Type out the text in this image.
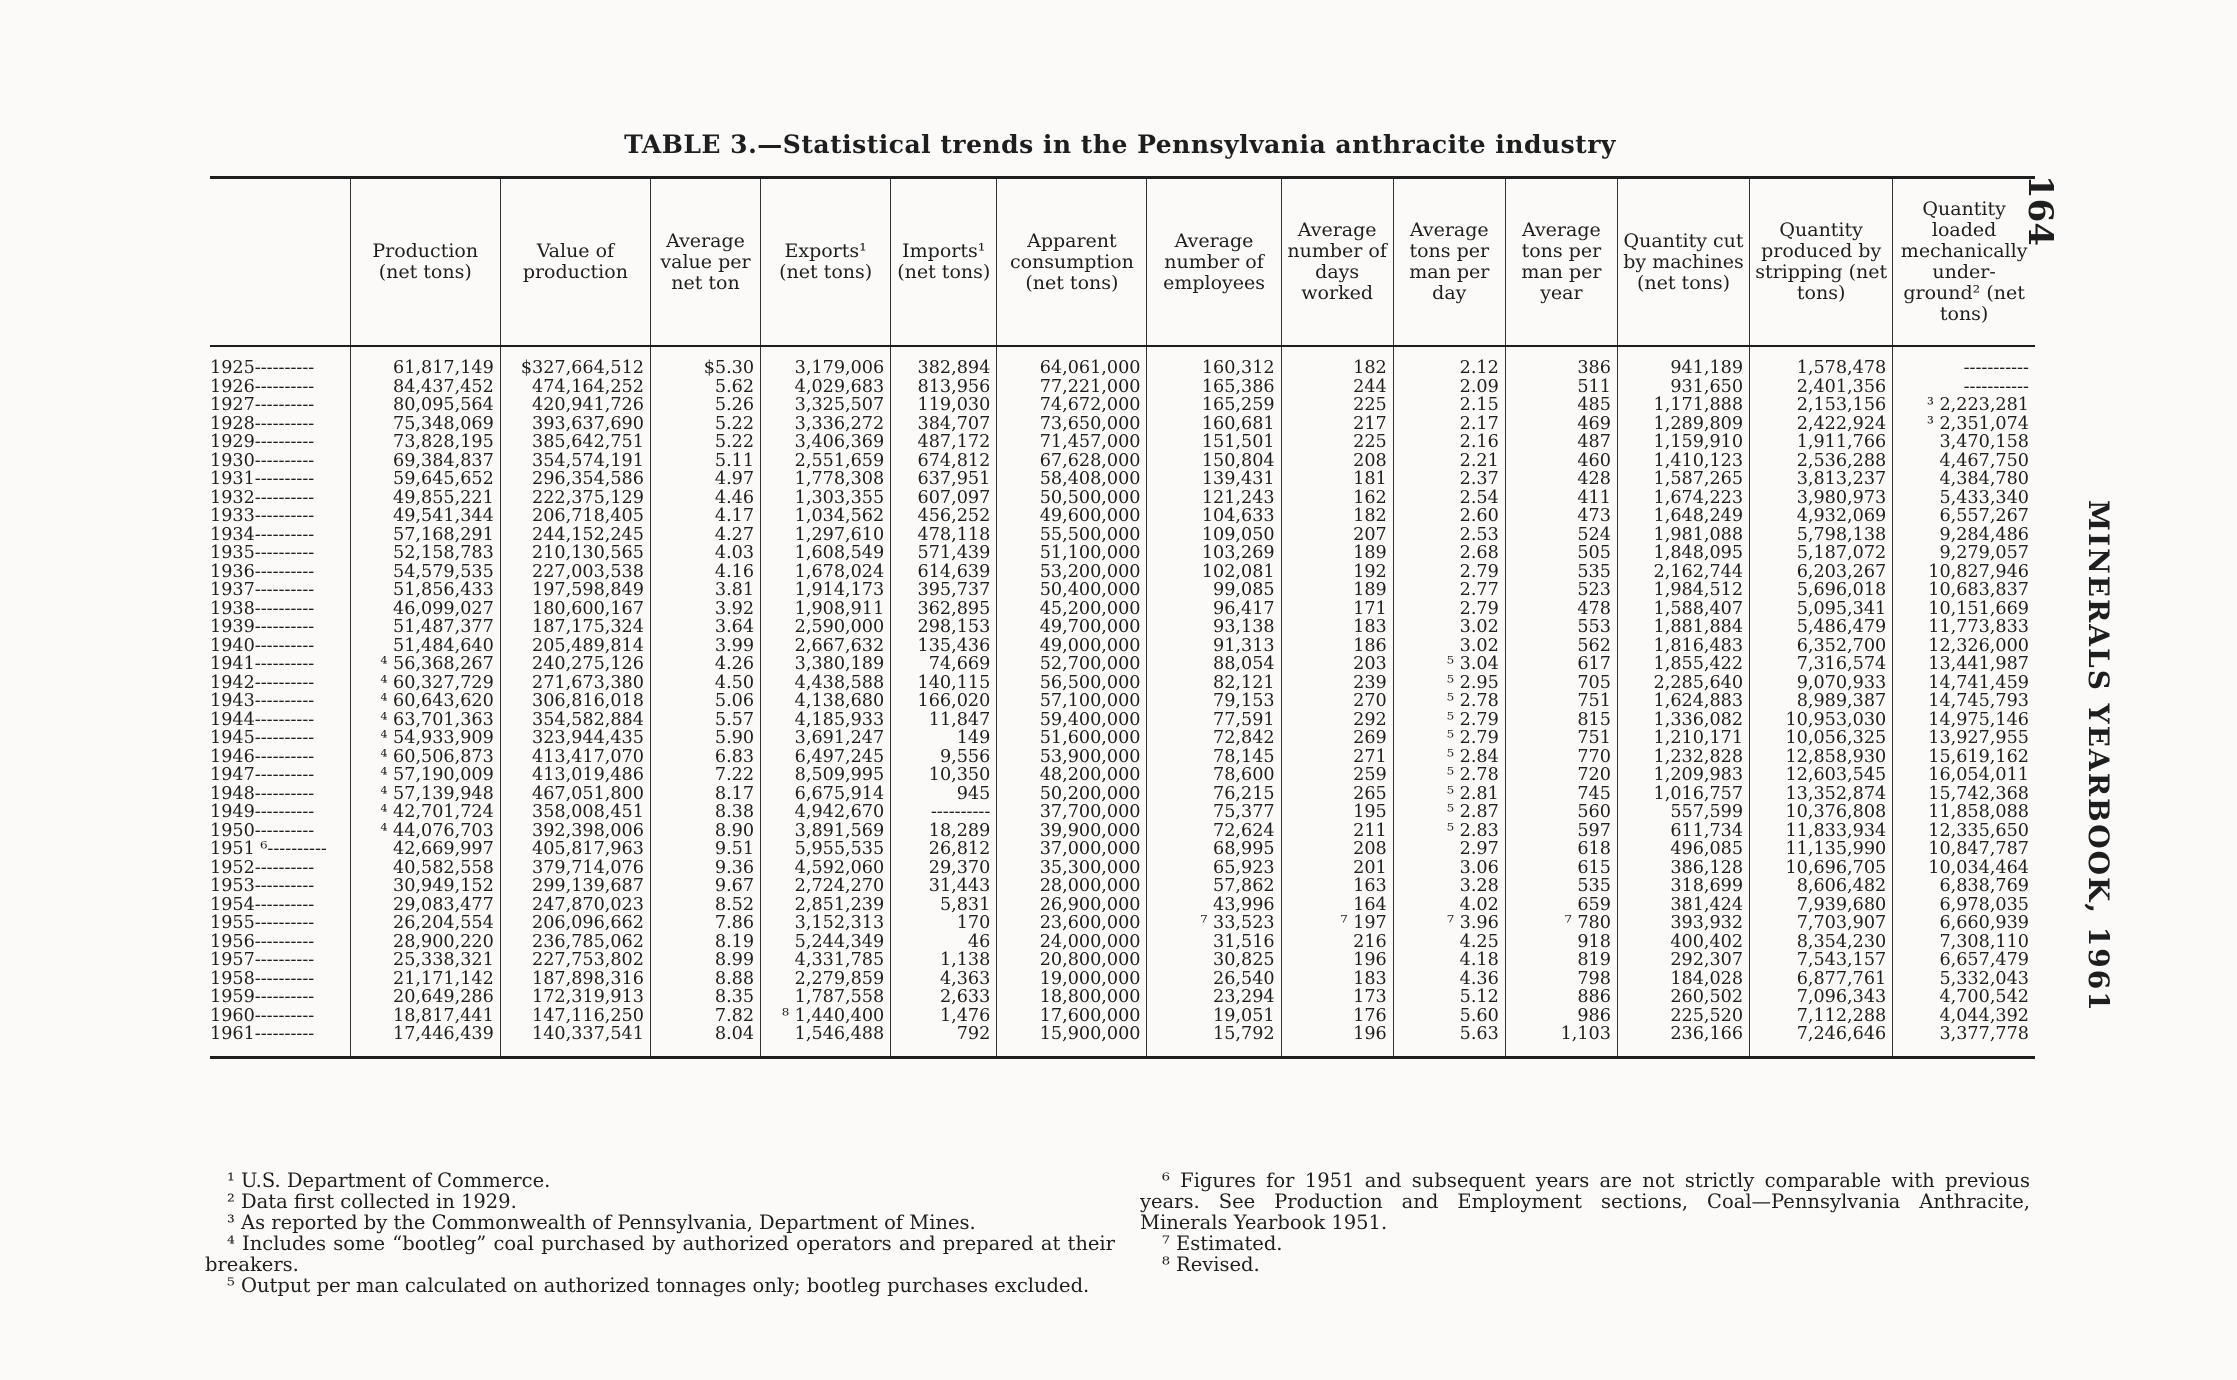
TABLE 3.—Statistical trends in the Pennsylvania anthracite industry
164
MINERALS YEARBOOK, 1961
	Production (net tons)	Value of production	Average value per net ton	Exports¹ (net tons)	Imports¹ (net tons)	Apparent consumption (net tons)	Average number of employees	Average number of days worked	Average tons per man per day	Average tons per man per year	Quantity cut by machines (net tons)	Quantity produced by stripping (net tons)	Quantity loaded mechanically under-ground² (net tons)
1925----------	61,817,149	$327,664,512	$5.30	3,179,006	382,894	64,061,000	160,312	182	2.12	386	941,189	1,578,478	-----------
1926----------	84,437,452	474,164,252	5.62	4,029,683	813,956	77,221,000	165,386	244	2.09	511	931,650	2,401,356	-----------
1927----------	80,095,564	420,941,726	5.26	3,325,507	119,030	74,672,000	165,259	225	2.15	485	1,171,888	2,153,156	³ 2,223,281
1928----------	75,348,069	393,637,690	5.22	3,336,272	384,707	73,650,000	160,681	217	2.17	469	1,289,809	2,422,924	³ 2,351,074
1929----------	73,828,195	385,642,751	5.22	3,406,369	487,172	71,457,000	151,501	225	2.16	487	1,159,910	1,911,766	3,470,158
1930----------	69,384,837	354,574,191	5.11	2,551,659	674,812	67,628,000	150,804	208	2.21	460	1,410,123	2,536,288	4,467,750
1931----------	59,645,652	296,354,586	4.97	1,778,308	637,951	58,408,000	139,431	181	2.37	428	1,587,265	3,813,237	4,384,780
1932----------	49,855,221	222,375,129	4.46	1,303,355	607,097	50,500,000	121,243	162	2.54	411	1,674,223	3,980,973	5,433,340
1933----------	49,541,344	206,718,405	4.17	1,034,562	456,252	49,600,000	104,633	182	2.60	473	1,648,249	4,932,069	6,557,267
1934----------	57,168,291	244,152,245	4.27	1,297,610	478,118	55,500,000	109,050	207	2.53	524	1,981,088	5,798,138	9,284,486
1935----------	52,158,783	210,130,565	4.03	1,608,549	571,439	51,100,000	103,269	189	2.68	505	1,848,095	5,187,072	9,279,057
1936----------	54,579,535	227,003,538	4.16	1,678,024	614,639	53,200,000	102,081	192	2.79	535	2,162,744	6,203,267	10,827,946
1937----------	51,856,433	197,598,849	3.81	1,914,173	395,737	50,400,000	99,085	189	2.77	523	1,984,512	5,696,018	10,683,837
1938----------	46,099,027	180,600,167	3.92	1,908,911	362,895	45,200,000	96,417	171	2.79	478	1,588,407	5,095,341	10,151,669
1939----------	51,487,377	187,175,324	3.64	2,590,000	298,153	49,700,000	93,138	183	3.02	553	1,881,884	5,486,479	11,773,833
1940----------	51,484,640	205,489,814	3.99	2,667,632	135,436	49,000,000	91,313	186	3.02	562	1,816,483	6,352,700	12,326,000
1941----------	⁴ 56,368,267	240,275,126	4.26	3,380,189	74,669	52,700,000	88,054	203	⁵ 3.04	617	1,855,422	7,316,574	13,441,987
1942----------	⁴ 60,327,729	271,673,380	4.50	4,438,588	140,115	56,500,000	82,121	239	⁵ 2.95	705	2,285,640	9,070,933	14,741,459
1943----------	⁴ 60,643,620	306,816,018	5.06	4,138,680	166,020	57,100,000	79,153	270	⁵ 2.78	751	1,624,883	8,989,387	14,745,793
1944----------	⁴ 63,701,363	354,582,884	5.57	4,185,933	11,847	59,400,000	77,591	292	⁵ 2.79	815	1,336,082	10,953,030	14,975,146
1945----------	⁴ 54,933,909	323,944,435	5.90	3,691,247	149	51,600,000	72,842	269	⁵ 2.79	751	1,210,171	10,056,325	13,927,955
1946----------	⁴ 60,506,873	413,417,070	6.83	6,497,245	9,556	53,900,000	78,145	271	⁵ 2.84	770	1,232,828	12,858,930	15,619,162
1947----------	⁴ 57,190,009	413,019,486	7.22	8,509,995	10,350	48,200,000	78,600	259	⁵ 2.78	720	1,209,983	12,603,545	16,054,011
1948----------	⁴ 57,139,948	467,051,800	8.17	6,675,914	945	50,200,000	76,215	265	⁵ 2.81	745	1,016,757	13,352,874	15,742,368
1949----------	⁴ 42,701,724	358,008,451	8.38	4,942,670	----------	37,700,000	75,377	195	⁵ 2.87	560	557,599	10,376,808	11,858,088
1950----------	⁴ 44,076,703	392,398,006	8.90	3,891,569	18,289	39,900,000	72,624	211	⁵ 2.83	597	611,734	11,833,934	12,335,650
1951 ⁶----------	42,669,997	405,817,963	9.51	5,955,535	26,812	37,000,000	68,995	208	2.97	618	496,085	11,135,990	10,847,787
1952----------	40,582,558	379,714,076	9.36	4,592,060	29,370	35,300,000	65,923	201	3.06	615	386,128	10,696,705	10,034,464
1953----------	30,949,152	299,139,687	9.67	2,724,270	31,443	28,000,000	57,862	163	3.28	535	318,699	8,606,482	6,838,769
1954----------	29,083,477	247,870,023	8.52	2,851,239	5,831	26,900,000	43,996	164	4.02	659	381,424	7,939,680	6,978,035
1955----------	26,204,554	206,096,662	7.86	3,152,313	170	23,600,000	⁷ 33,523	⁷ 197	⁷ 3.96	⁷ 780	393,932	7,703,907	6,660,939
1956----------	28,900,220	236,785,062	8.19	5,244,349	46	24,000,000	31,516	216	4.25	918	400,402	8,354,230	7,308,110
1957----------	25,338,321	227,753,802	8.99	4,331,785	1,138	20,800,000	30,825	196	4.18	819	292,307	7,543,157	6,657,479
1958----------	21,171,142	187,898,316	8.88	2,279,859	4,363	19,000,000	26,540	183	4.36	798	184,028	6,877,761	5,332,043
1959----------	20,649,286	172,319,913	8.35	1,787,558	2,633	18,800,000	23,294	173	5.12	886	260,502	7,096,343	4,700,542
1960----------	18,817,441	147,116,250	7.82	⁸ 1,440,400	1,476	17,600,000	19,051	176	5.60	986	225,520	7,112,288	4,044,392
1961----------	17,446,439	140,337,541	8.04	1,546,488	792	15,900,000	15,792	196	5.63	1,103	236,166	7,246,646	3,377,778
¹ U.S. Department of Commerce.
² Data first collected in 1929.
³ As reported by the Commonwealth of Pennsylvania, Department of Mines.
⁴ Includes some “bootleg” coal purchased by authorized operators and prepared at their breakers.
⁵ Output per man calculated on authorized tonnages only; bootleg purchases excluded.
⁶ Figures for 1951 and subsequent years are not strictly comparable with previous years. See Production and Employment sections, Coal—Pennsylvania Anthracite, Minerals Yearbook 1951.
⁷ Estimated.
⁸ Revised.
